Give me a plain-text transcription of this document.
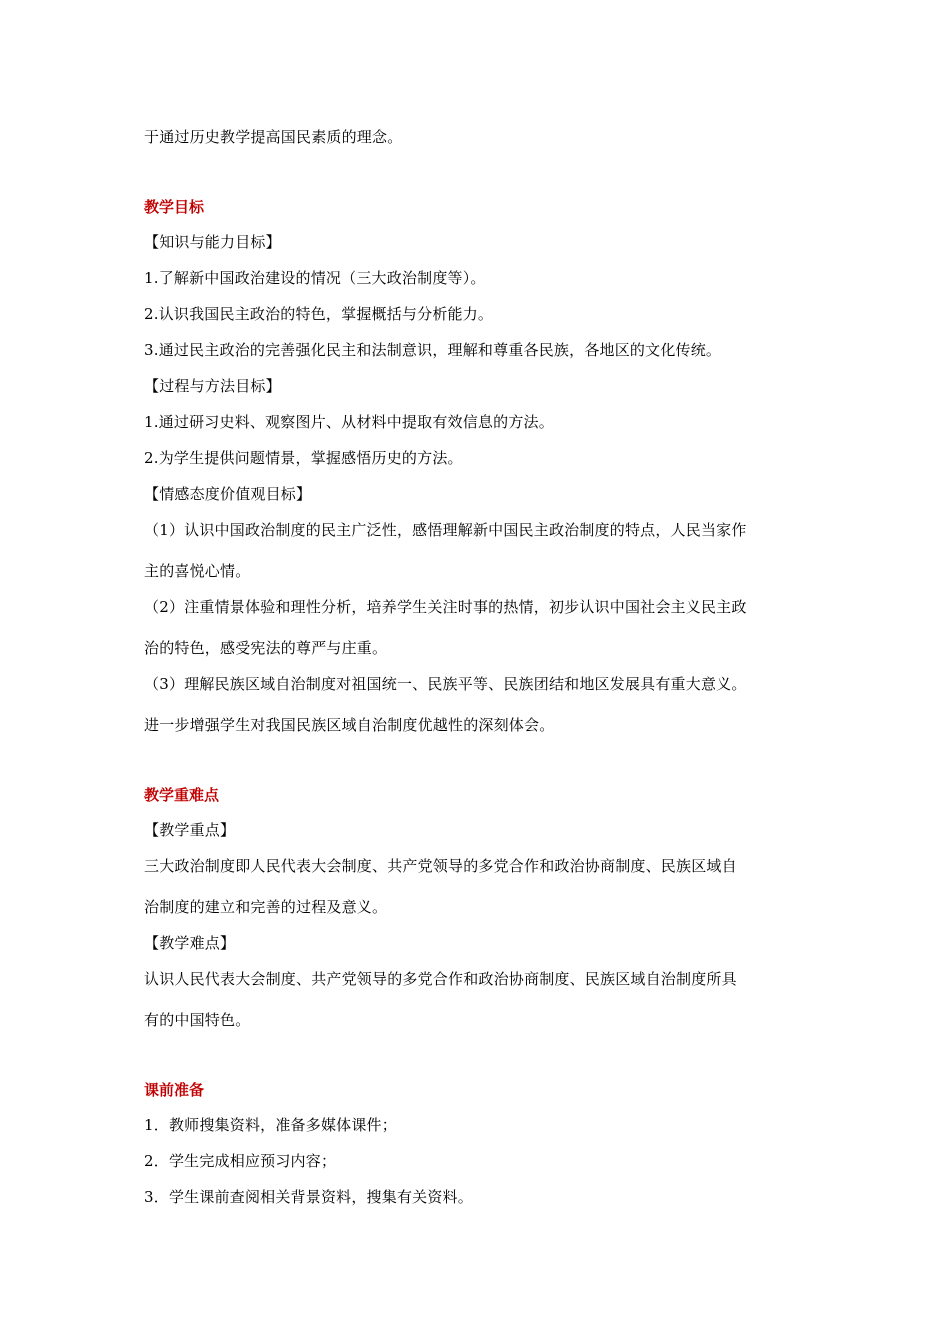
于通过历史教学提高国民素质的理念。
教学目标
【知识与能力目标】
1.了解新中国政治建设的情况（三大政治制度等）。
2.认识我国民主政治的特色，掌握概括与分析能力。
3.通过民主政治的完善强化民主和法制意识，理解和尊重各民族，各地区的文化传统。
【过程与方法目标】
1.通过研习史料、观察图片、从材料中提取有效信息的方法。
2.为学生提供问题情景，掌握感悟历史的方法。
【情感态度价值观目标】
（1）认识中国政治制度的民主广泛性，感悟理解新中国民主政治制度的特点，人民当家作
主的喜悦心情。
（2）注重情景体验和理性分析，培养学生关注时事的热情，初步认识中国社会主义民主政
治的特色，感受宪法的尊严与庄重。
（3）理解民族区域自治制度对祖国统一、民族平等、民族团结和地区发展具有重大意义。
进一步增强学生对我国民族区域自治制度优越性的深刻体会。
教学重难点
【教学重点】
三大政治制度即人民代表大会制度、共产党领导的多党合作和政治协商制度、民族区域自
治制度的建立和完善的过程及意义。
【教学难点】
认识人民代表大会制度、共产党领导的多党合作和政治协商制度、民族区域自治制度所具
有的中国特色。
课前准备
1．教师搜集资料，准备多媒体课件；
2．学生完成相应预习内容；
3．学生课前查阅相关背景资料，搜集有关资料。
